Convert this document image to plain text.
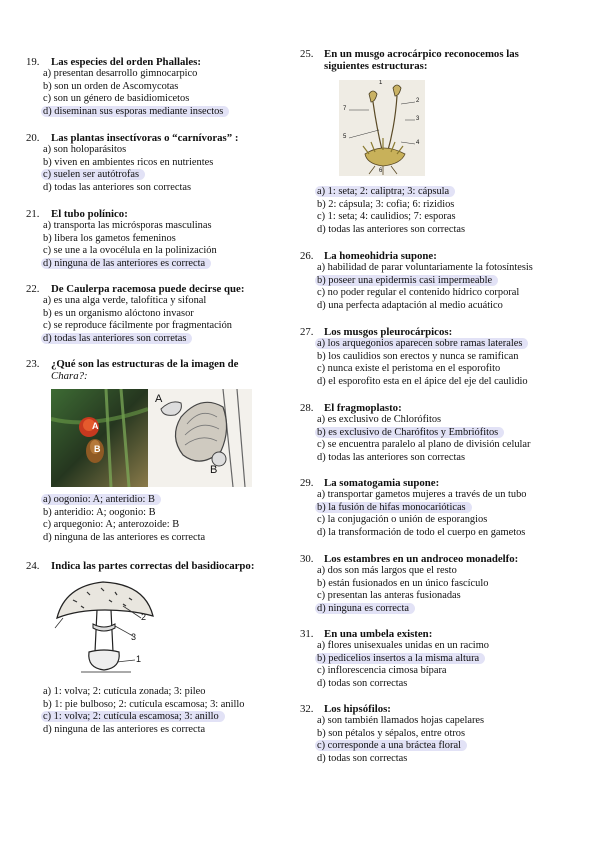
19. Las especies del orden Phallales:
a) presentan desarrollo gimnocarpico
b) son un orden de Ascomycotas
c) son un género de basidiomicetos
d) diseminan sus esporas mediante insectos
20. Las plantas insectívoras o “carnívoras” :
a) son holoparásitos
b) viven en ambientes ricos en nutrientes
c) suelen ser autótrofas
d) todas las anteriores son correctas
21. El tubo polínico:
a) transporta las micrósporas masculinas
b) libera los gametos femeninos
c) se une a la ovocélula en la polinización
d) ninguna de las anteriores es correcta
22. De Caulerpa racemosa puede decirse que:
a) es una alga verde, talofítica y sifonal
b) es un organismo alóctono invasor
c) se reproduce fácilmente por fragmentación
d) todas las anteriores son corretas
23. ¿Qué son las estructuras de la imagen de
Chara?:
A
B
A
B
a) oogonio: A; anteridio: B
b) anteridio: A; oogonio: B
c) arquegonio: A; anterozoide: B
d) ninguna de las anteriores es correcta
24. Indica las partes correctas del basidiocarpo:
3
2
1
a) 1: volva; 2: cutícula zonada; 3: pileo
b) 1: pie bulboso; 2: cutícula escamosa; 3: anillo
c) 1: volva; 2: cutícula escamosa; 3: anillo
d) ninguna de las anteriores es correcta
25. En un musgo acrocárpico reconocemos las
siguientes estructuras:
1
2
3
4
5
6
7
a) 1: seta; 2: caliptra; 3: cápsula
b) 2: cápsula; 3: cofia; 6: rizidios
c) 1: seta; 4: caulidios; 7: esporas
d) todas las anteriores son correctas
26. La homeohidria supone:
a) habilidad de parar voluntariamente la fotosíntesis
b) poseer una epidermis casi impermeable
c) no poder regular el contenido hídrico corporal
d) una perfecta adaptación al medio acuático
27. Los musgos pleurocárpicos:
a) los arquegonios aparecen sobre ramas laterales
b) los caulidios son erectos y nunca se ramifican
c) nunca existe el peristoma en el esporofito
d) el esporofito esta en el ápice del eje del caulidio
28. El fragmoplasto:
a) es exclusivo de Chlorófitos
b) es exclusivo de Charófitos y Embriófitos
c) se encuentra paralelo al plano de división celular
d) todas las anteriores son correctas
29. La somatogamia supone:
a) transportar gametos mujeres a través de un tubo
b) la fusión de hifas monocarióticas
c) la conjugación o unión de esporangios
d) la transformación de todo el cuerpo en gametos
30. Los estambres en un androceo monadelfo:
a) dos son más largos que el resto
b) están fusionados en un único fascículo
c) presentan las anteras fusionadas
d) ninguna es correcta
31. En una umbela existen:
a) flores unisexuales unidas en un racimo
b) pedicelios insertos a la misma altura
c) inflorescencia cimosa bípara
d) todas son correctas
32. Los hipsófilos:
a) son también llamados hojas capelares
b) son pétalos y sépalos, entre otros
c) corresponde a una bráctea floral
d) todas son correctas
